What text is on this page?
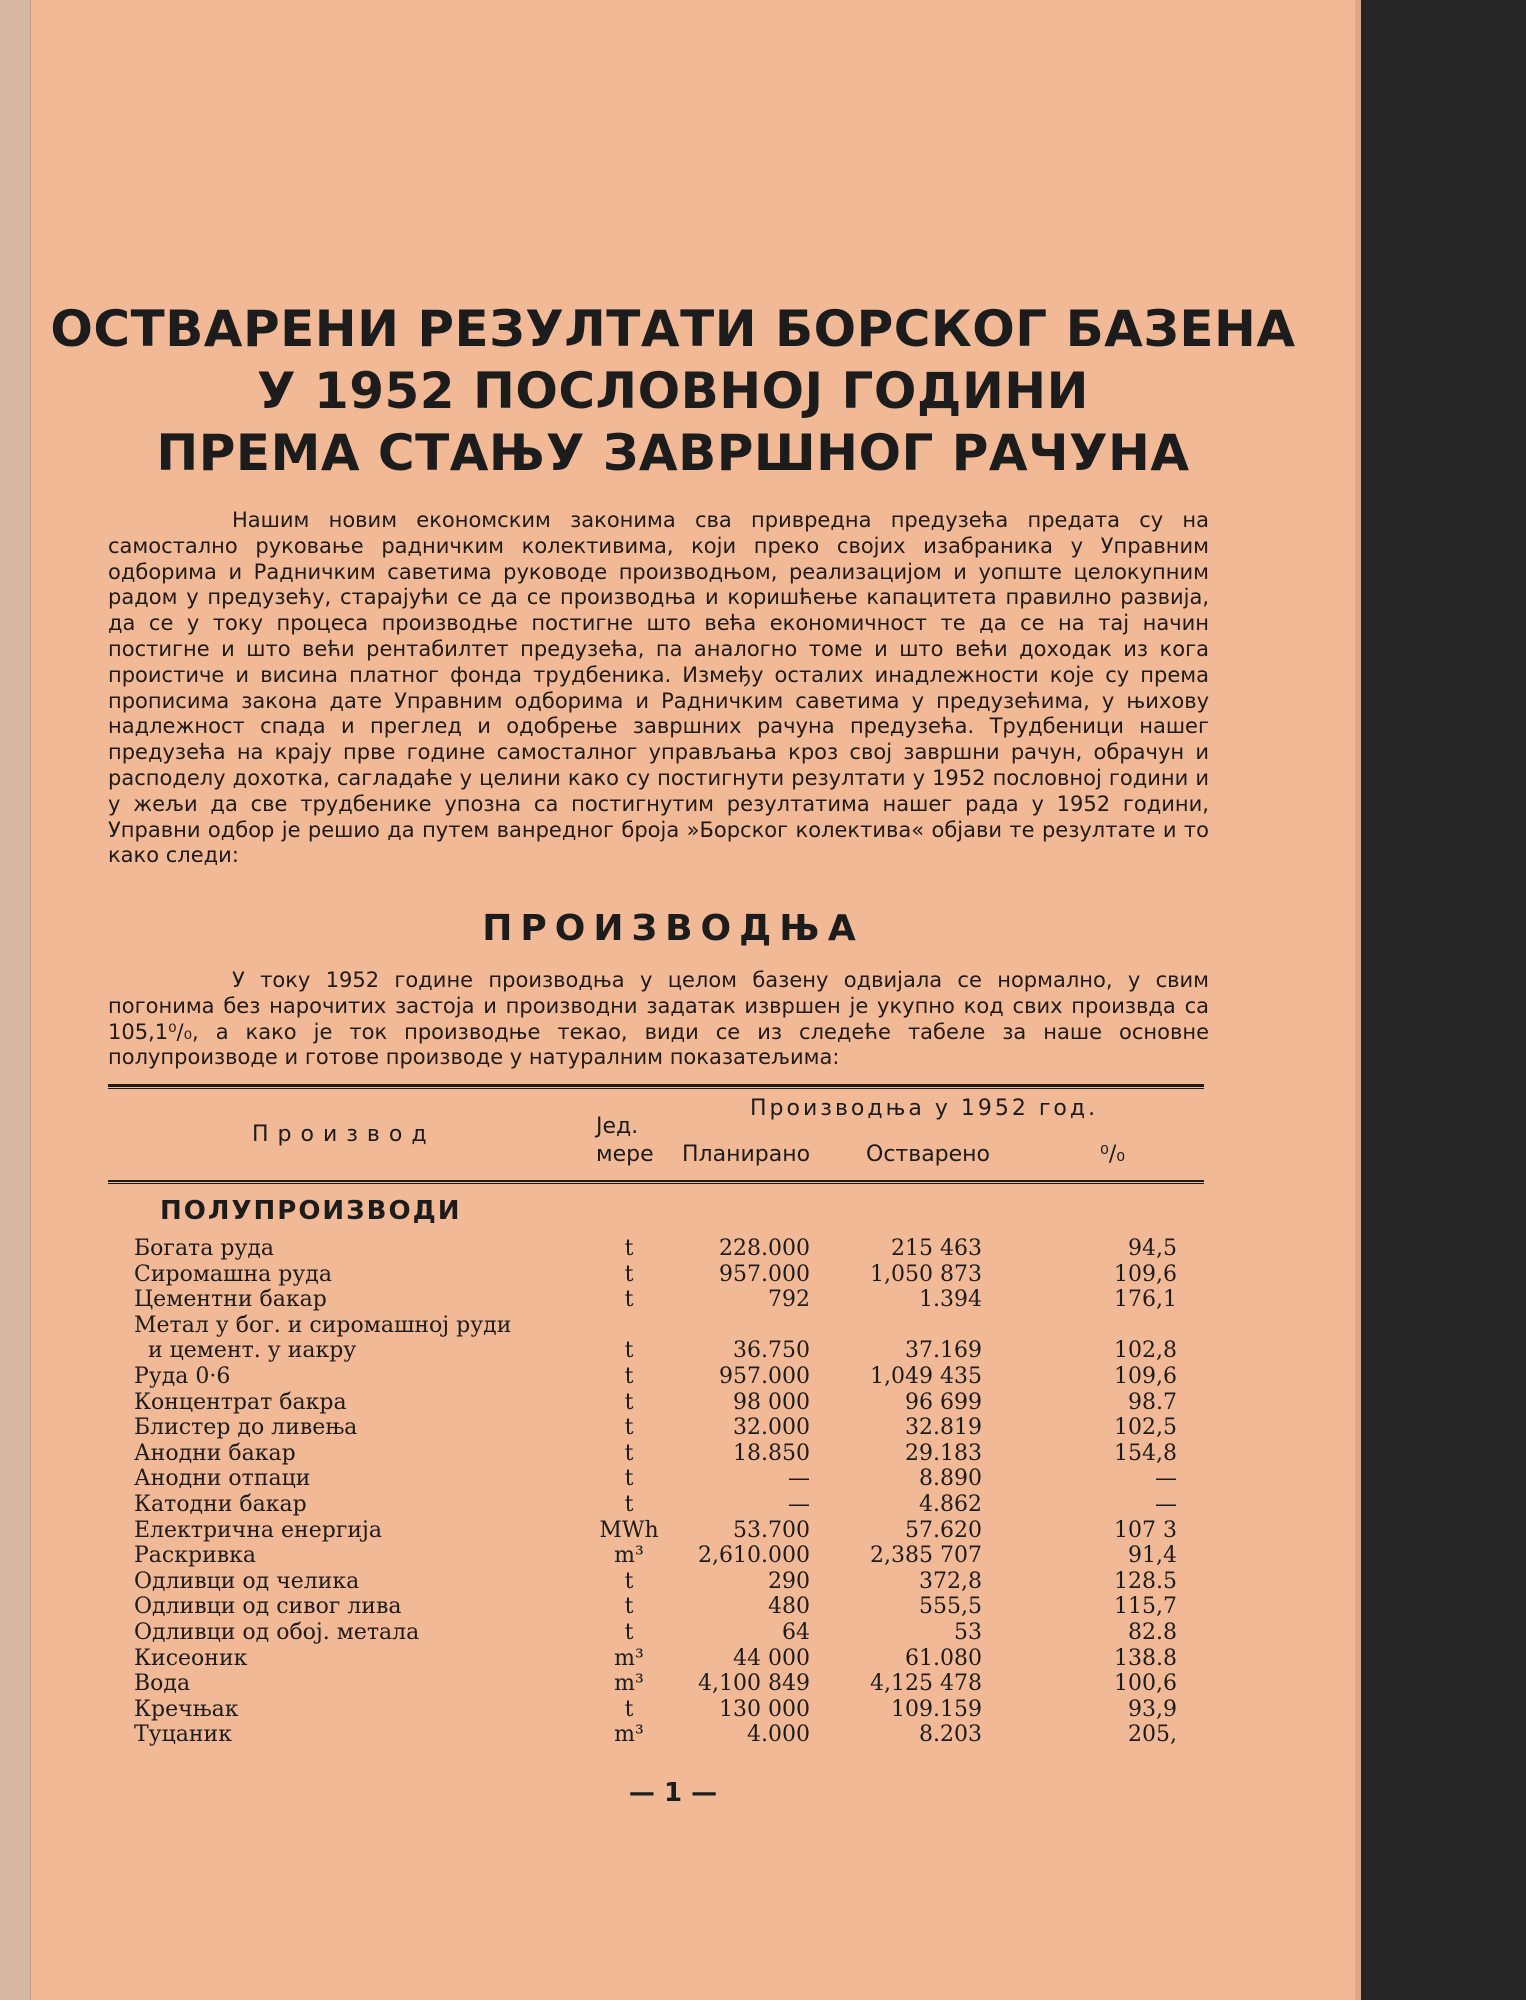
ОСТВАРЕНИ РЕЗУЛТАТИ БОРСКОГ БАЗЕНА
У 1952 ПОСЛОВНОЈ ГОДИНИ
ПРЕМА СТАЊУ ЗАВРШНОГ РАЧУНА

Нашим новим економским законима сва привредна предузећа предата су на самостално руковање радничким колективима, који преко својих изабраника у Управним одборима и Радничким саветима руководе производњом, реализацијом и уопште целокупним радом у предузећу, старајући се да се производња и коришћење капацитета правилно развија, да се у току процеса производње постигне што већа економичност те да се на тај начин постигне и што већи рентабилтет предузећа, па аналогно томе и што већи доходак из кога проистиче и висина платног фонда трудбеника. Између осталих инадлежности које су према прописима закона дате Управним одборима и Радничким саветима у предузећима, у њихову надлежност спада и преглед и одобрење завршних рачуна предузећа. Трудбеници нашег предузећа на крају прве године самосталног управљања кроз свој завршни рачун, обрачун и расподелу дохотка, сагладаће у целини како су постигнути резултати у 1952 пословној години и у жељи да све трудбенике упозна са постигнутим резултатима нашег рада у 1952 години, Управни одбор је решио да путем ванредног броја »Борског колектива« објави те резултате и то како следи:

ПРОИЗВОДЊА

У току 1952 године производња у целом базену одвијала се нормално, у свим погонима без нарочитих застоја и производни задатак извршен је укупно код свих произвда са 105,1⁰/₀, а како је ток производње текао, види се из следеће табеле за наше основне полупроизводе и готове производе у натуралним показатељима:

П р о и з в о д	Јед.
мере
Производња у 1952 год.
Планирано	Остварено	⁰/₀
ПОЛУПРОИЗВОДИ
Богата руда	t	228.000	215 463	94,5
Сиромашна руда	t	957.000	1,050 873	109,6
Цементни бакар	t	792	1.394	176,1
Метал у бог. и сиромашној руди
и цемент. у иакру	t	36.750	37.169	102,8
Руда 0·6	t	957.000	1,049 435	109,6
Концентрат бакра	t	98 000	96 699	98.7
Блистер до ливења	t	32.000	32.819	102,5
Анодни бакар	t	18.850	29.183	154,8
Анодни отпаци	t	—	8.890	—
Катодни бакар	t	—	4.862	—
Електрична енергија	MWh	53.700	57.620	107 3
Раскривка	m³	2,610.000	2,385 707	91,4
Одливци од челика	t	290	372,8	128.5
Одливци од сивог лива	t	480	555,5	115,7
Одливци од обој. метала	t	64	53	82.8
Кисеоник	m³	44 000	61.080	138.8
Вода	m³	4,100 849	4,125 478	100,6
Кречњак	t	130 000	109.159	93,9
Туцаник	m³	4.000	8.203	205,
— 1 —
